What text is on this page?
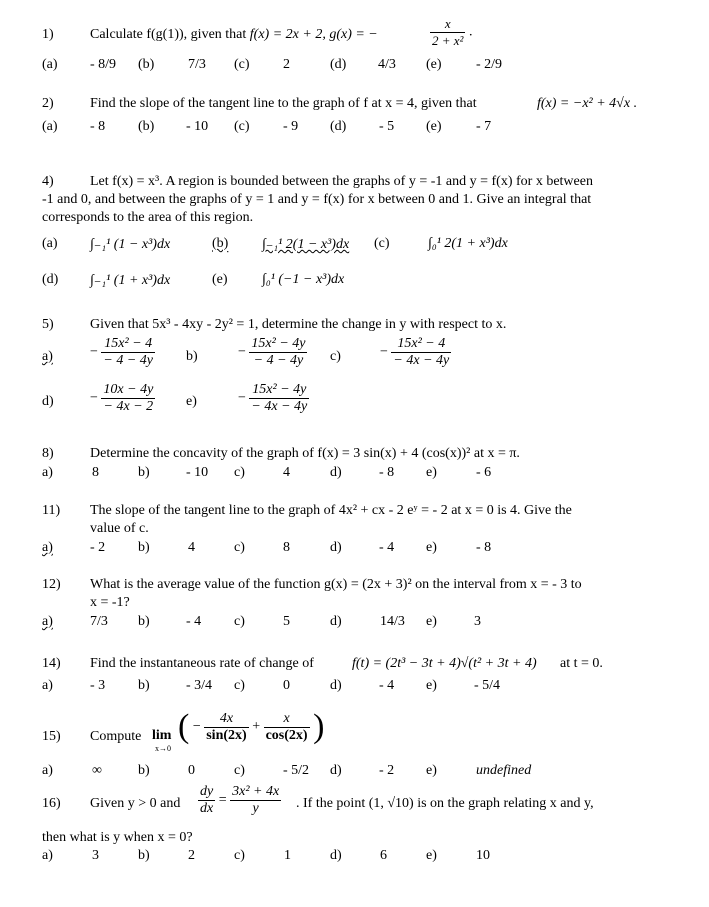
1)	Calculate f(g(1)), given that f(x) = 2x + 2, g(x) = −	$\frac{x}{\text{2 + x²}}$ .
(a) - 8/9 (b) 7/3 (c) 2	(d) 4/3 (e) - 2/9
2)	Find the slope of the tangent line to the graph of f at x = 4, given that	f(x) = −x² + 4√x .
(a) - 8 (b) - 10 (c) - 9 (d) - 5 (e) - 7
4)	Let f(x) = x³. A region is bounded between the graphs of y = -1 and y = f(x) for x between
-1 and 0, and between the graphs of y = 1 and y = f(x) for x between 0 and 1. Give an integral that
corresponds to the area of this region.
(a) ∫₋₁¹ (1 − x³)dx	(b) ∫₋₁¹ 2(1 − x³)dx (c)	∫₀¹ 2(1 + x³)dx
(d) ∫₋₁¹ (1 + x³)dx	(e) ∫₀¹ (−1 − x³)dx
5)	Given that 5x³ - 4xy - 2y² = 1, determine the change in y with respect to x.
a)	− $\frac{\text{15x² − 4}}{- 4 - 4y} b$)	− $\frac{\text{15x² − 4y}}{- 4 - 4y} c$)	− $\frac{\text{15x² − 4}}{- 4x - 4y}$
d)	− $\frac{10x - 4y}{- 4x - 2} e$)	− $\frac{\text{15x² − 4y}}{- 4x - 4y}$
8)	Determine the concavity of the graph of f(x) = 3 sin(x) + 4 (cos(x))² at x = π.
a)	8	b)	- 10 c)	4	d)	- 8 e)	- 6
11) The slope of the tangent line to the graph of 4x² + cx - 2 eʸ = - 2 at x = 0 is 4. Give the
value of c.
a)	- 2 b)	4	c)	8	d)	- 4 e)	- 8
12) What is the average value of the function g(x) = (2x + 3)² on the interval from x = - 3 to
x = -1?
a)	7/3 b)	- 4 c)	5	d)	14/3 e)	3
14) Find the instantaneous rate of change of	f(t) = (2t³ − 3t + 4)√(t² + 3t + 4) at t = 0.
a)	- 3 b)	- 3/4 c)	0	d)	- 4 e)	- 5/4
15) Compute lim
x→0
( − $\frac{4x}{\sin(2x)} + \frac{x}{\cos(2x)}$ )
a)	∞	b)	0	c)	- 5/2 d)	- 2 e)	undefined
16) Given y > 0 and $\frac{dy}{dx} = \frac{\text{3x² + 4x}}{y}$ . If the point (1, √10) is on the graph relating x and y,
then what is y when x = 0?
a)	3	b)	2	c)	1	d)	6	e)	10
